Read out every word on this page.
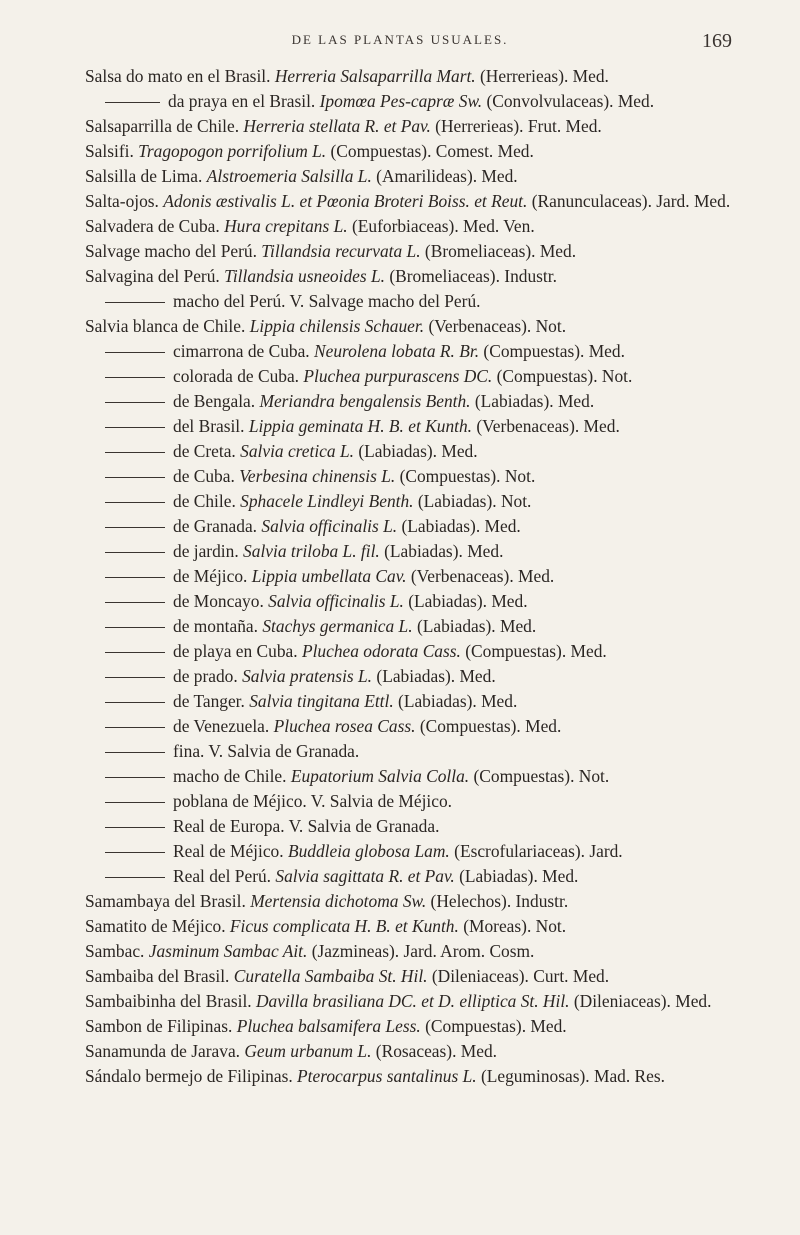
DE LAS PLANTAS USUALES.	169
Salsa do mato en el Brasil. Herreria Salsaparrilla Mart. (Herrerieas). Med.
da praya en el Brasil. Ipomœa Pes-capræ Sw. (Convolvulaceas). Med.
Salsaparrilla de Chile. Herreria stellata R. et Pav. (Herrerieas). Frut. Med.
Salsifi. Tragopogon porrifolium L. (Compuestas). Comest. Med.
Salsilla de Lima. Alstroemeria Salsilla L. (Amarilideas). Med.
Salta-ojos. Adonis æstivalis L. et Pœonia Broteri Boiss. et Reut. (Ranunculaceas). Jard. Med.
Salvadera de Cuba. Hura crepitans L. (Euforbiaceas). Med. Ven.
Salvage macho del Perú. Tillandsia recurvata L. (Bromeliaceas). Med.
Salvagina del Perú. Tillandsia usneoides L. (Bromeliaceas). Industr.
macho del Perú. V. Salvage macho del Perú.
Salvia blanca de Chile. Lippia chilensis Schauer. (Verbenaceas). Not.
cimarrona de Cuba. Neurolena lobata R. Br. (Compuestas). Med.
colorada de Cuba. Pluchea purpurascens DC. (Compuestas). Not.
de Bengala. Meriandra bengalensis Benth. (Labiadas). Med.
del Brasil. Lippia geminata H. B. et Kunth. (Verbenaceas). Med.
de Creta. Salvia cretica L. (Labiadas). Med.
de Cuba. Verbesina chinensis L. (Compuestas). Not.
de Chile. Sphacele Lindleyi Benth. (Labiadas). Not.
de Granada. Salvia officinalis L. (Labiadas). Med.
de jardin. Salvia triloba L. fil. (Labiadas). Med.
de Méjico. Lippia umbellata Cav. (Verbenaceas). Med.
de Moncayo. Salvia officinalis L. (Labiadas). Med.
de montaña. Stachys germanica L. (Labiadas). Med.
de playa en Cuba. Pluchea odorata Cass. (Compuestas). Med.
de prado. Salvia pratensis L. (Labiadas). Med.
de Tanger. Salvia tingitana Ettl. (Labiadas). Med.
de Venezuela. Pluchea rosea Cass. (Compuestas). Med.
fina. V. Salvia de Granada.
macho de Chile. Eupatorium Salvia Colla. (Compuestas). Not.
poblana de Méjico. V. Salvia de Méjico.
Real de Europa. V. Salvia de Granada.
Real de Méjico. Buddleia globosa Lam. (Escrofulariaceas). Jard.
Real del Perú. Salvia sagittata R. et Pav. (Labiadas). Med.
Samambaya del Brasil. Mertensia dichotoma Sw. (Helechos). Industr.
Samatito de Méjico. Ficus complicata H. B. et Kunth. (Moreas). Not.
Sambac. Jasminum Sambac Ait. (Jazmineas). Jard. Arom. Cosm.
Sambaiba del Brasil. Curatella Sambaiba St. Hil. (Dileniaceas). Curt. Med.
Sambaibinha del Brasil. Davilla brasiliana DC. et D. elliptica St. Hil. (Dileniaceas). Med.
Sambon de Filipinas. Pluchea balsamifera Less. (Compuestas). Med.
Sanamunda de Jarava. Geum urbanum L. (Rosaceas). Med.
Sándalo bermejo de Filipinas. Pterocarpus santalinus L. (Leguminosas). Mad. Res.
